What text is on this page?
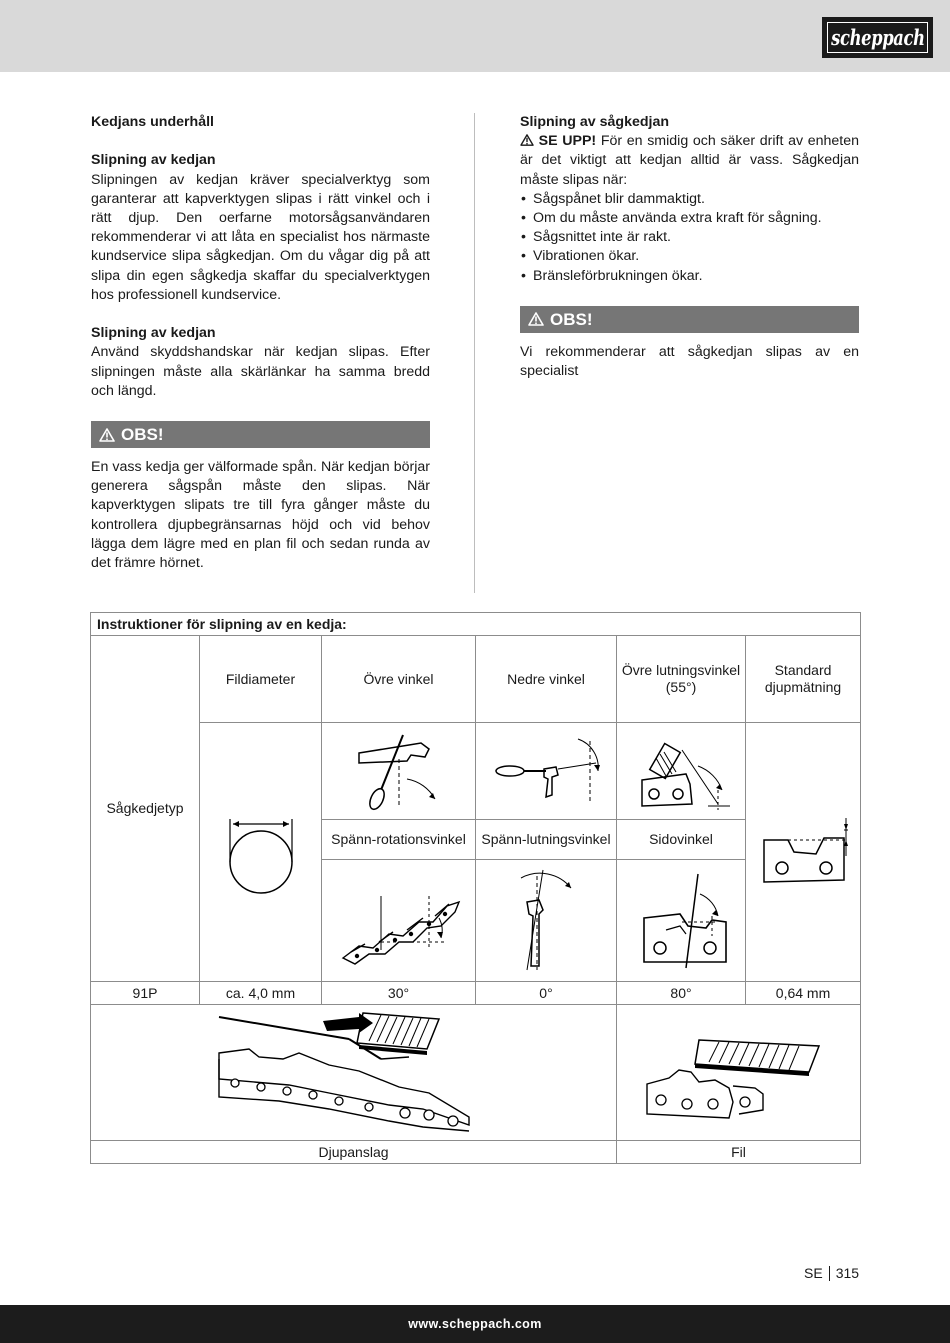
scheppach
Kedjans underhåll
Slipning av kedjan

Slipningen av kedjan kräver specialverktyg som garanterar att kapverktygen slipas i rätt vinkel och i rätt djup. Den oerfarne motorsågsanvändaren rekommenderar vi att låta en specialist hos närmaste kundservice slipa sågkedjan. Om du vågar dig på att slipa din egen sågkedja skaffar du specialverktygen hos professionell kundservice.

Slipning av kedjan

Använd skyddshandskar när kedjan slipas. Efter slipningen måste alla skärlänkar ha samma bredd och längd.

OBS!

En vass kedja ger välformade spån. När kedjan börjar generera sågspån måste den slipas. När kapverktygen slipats tre till fyra gånger måste du kontrollera djupbegränsarnas höjd och vid behov lägga dem lägre med en plan fil och sedan runda av det främre hörnet.

Slipning av sågkedjan

SE UPP! För en smidig och säker drift av enheten är det viktigt att kedjan alltid är vass. Sågkedjan måste slipas när:

• Sågspånet blir dammaktigt.
• Om du måste använda extra kraft för sågning.
• Sågsnittet inte är rakt.
• Vibrationen ökar.
• Bränsleförbrukningen ökar.
OBS!

Vi rekommenderar att sågkedjan slipas av en specialist

Instruktioner för slipning av en kedja:					
Sågkedjetyp	Fildiameter	Övre vinkel	Nedre vinkel	Övre lutningsvinkel (55°)	Standard djupmätning

		Spänn-rotationsvinkel	Spänn-lutningsvinkel	Sidovinkel	

91P	ca. 4,0 mm	30°	0°	80°	0,64 mm

Djupanslag				Fil	
SE 315
www.scheppach.com
